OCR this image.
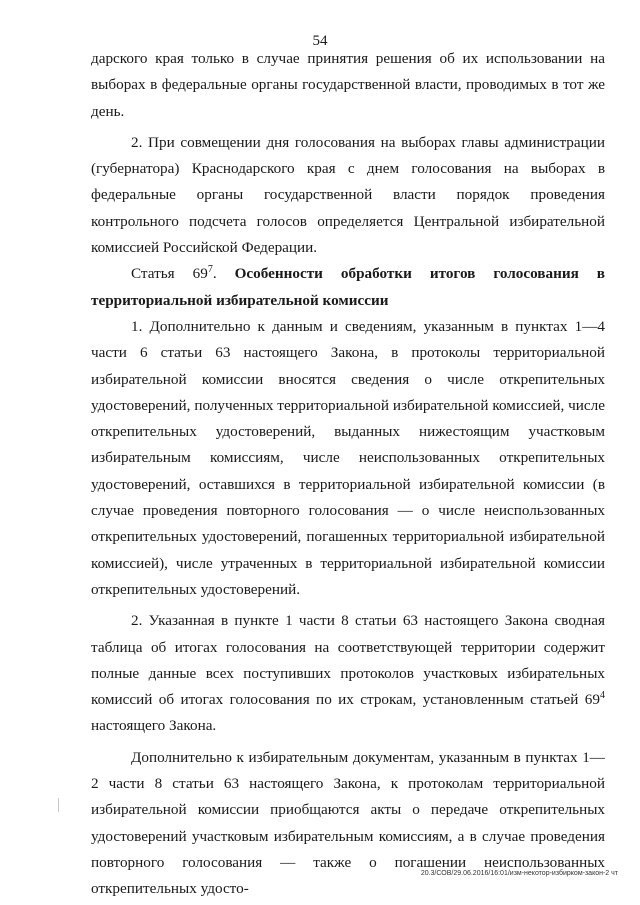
54

дарского края только в случае принятия решения об их использовании на выборах в федеральные органы государственной власти, проводимых в тот же день.

2. При совмещении дня голосования на выборах главы администрации (губернатора) Краснодарского края с днем голосования на выборах в федеральные органы государственной власти порядок проведения контрольного подсчета голосов определяется Центральной избирательной комиссией Российской Федерации.

Статья $69^7$. Особенности обработки итогов голосования в территориальной избирательной комиссии

1. Дополнительно к данным и сведениям, указанным в пунктах 1—4 части 6 статьи 63 настоящего Закона, в протоколы территориальной избирательной комиссии вносятся сведения о числе открепительных удостоверений, полученных территориальной избирательной комиссией, числе открепительных удостоверений, выданных нижестоящим участковым избирательным комиссиям, числе неиспользованных открепительных удостоверений, оставшихся в территориальной избирательной комиссии (в случае проведения повторного голосования — о числе неиспользованных открепительных удостоверений, погашенных территориальной избирательной комиссией), числе утраченных в территориальной избирательной комиссии открепительных удостоверений.

2. Указанная в пункте 1 части 8 статьи 63 настоящего Закона сводная таблица об итогах голосования на соответствующей территории содержит полные данные всех поступивших протоколов участковых избирательных комиссий об итогах голосования по их строкам, установленным статьей $69^4$ настоящего Закона.

Дополнительно к избирательным документам, указанным в пунктах 1—2 части 8 статьи 63 настоящего Закона, к протоколам территориальной избирательной комиссии приобщаются акты о передаче открепительных удостоверений участковым избирательным комиссиям, а в случае проведения повторного голосования — также о погашении неиспользованных открепительных удосто-

20.3/СОВ/29.06.2016/16:01/изм-некотор-избирком-закон-2 чт
